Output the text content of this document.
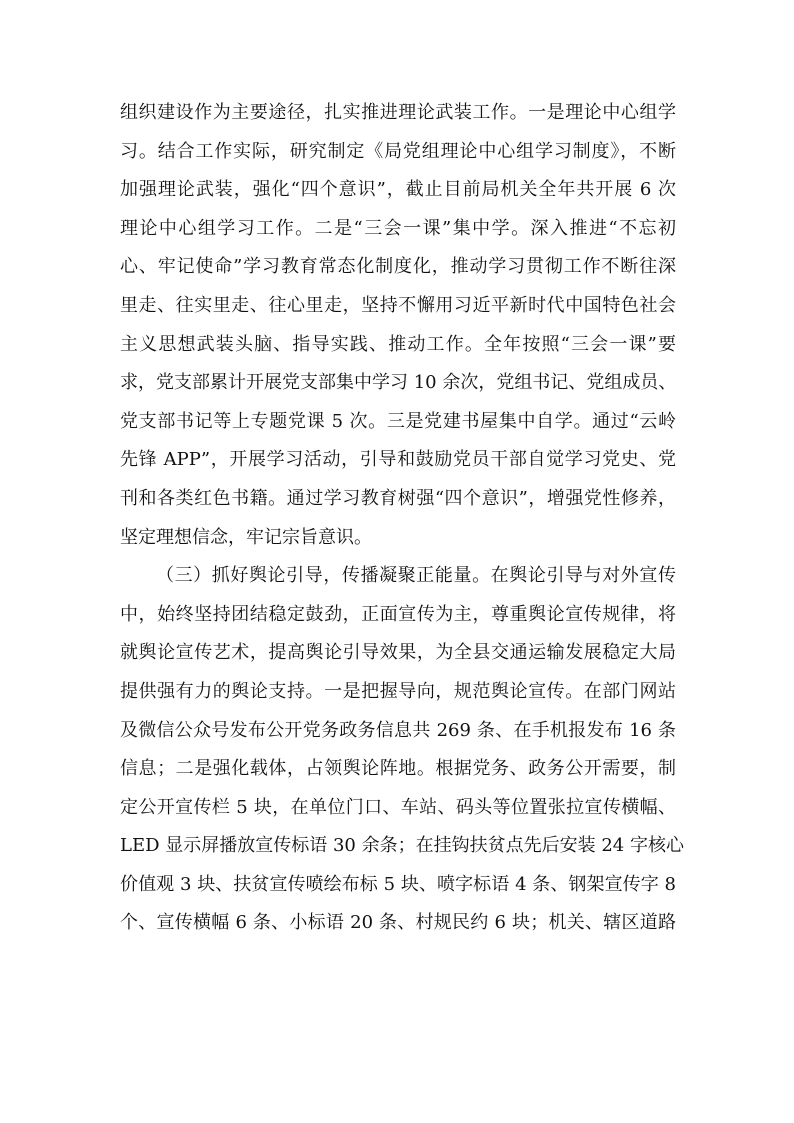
组织建设作为主要途径，扎实推进理论武装工作。一是理论中心组学
习。结合工作实际，研究制定《局党组理论中心组学习制度》，不断
加强理论武装，强化“四个意识”，截止目前局机关全年共开展 6 次
理论中心组学习工作。二是“三会一课”集中学。深入推进“不忘初
心、牢记使命”学习教育常态化制度化，推动学习贯彻工作不断往深
里走、往实里走、往心里走，坚持不懈用习近平新时代中国特色社会
主义思想武装头脑、指导实践、推动工作。全年按照“三会一课”要
求，党支部累计开展党支部集中学习 10 余次，党组书记、党组成员、
党支部书记等上专题党课 5 次。三是党建书屋集中自学。通过“云岭
先锋 APP”，开展学习活动，引导和鼓励党员干部自觉学习党史、党
刊和各类红色书籍。通过学习教育树强“四个意识”，增强党性修养，
坚定理想信念，牢记宗旨意识。
（三）抓好舆论引导，传播凝聚正能量。在舆论引导与对外宣传
中，始终坚持团结稳定鼓劲，正面宣传为主，尊重舆论宣传规律，将
就舆论宣传艺术，提高舆论引导效果，为全县交通运输发展稳定大局
提供强有力的舆论支持。一是把握导向，规范舆论宣传。在部门网站
及微信公众号发布公开党务政务信息共 269 条、在手机报发布 16 条
信息；二是强化载体，占领舆论阵地。根据党务、政务公开需要，制
定公开宣传栏 5 块，在单位门口、车站、码头等位置张拉宣传横幅、
LED 显示屏播放宣传标语 30 余条；在挂钩扶贫点先后安装 24 字核心
价值观 3 块、扶贫宣传喷绘布标 5 块、喷字标语 4 条、钢架宣传字 8
个、宣传横幅 6 条、小标语 20 条、村规民约 6 块；机关、辖区道路
